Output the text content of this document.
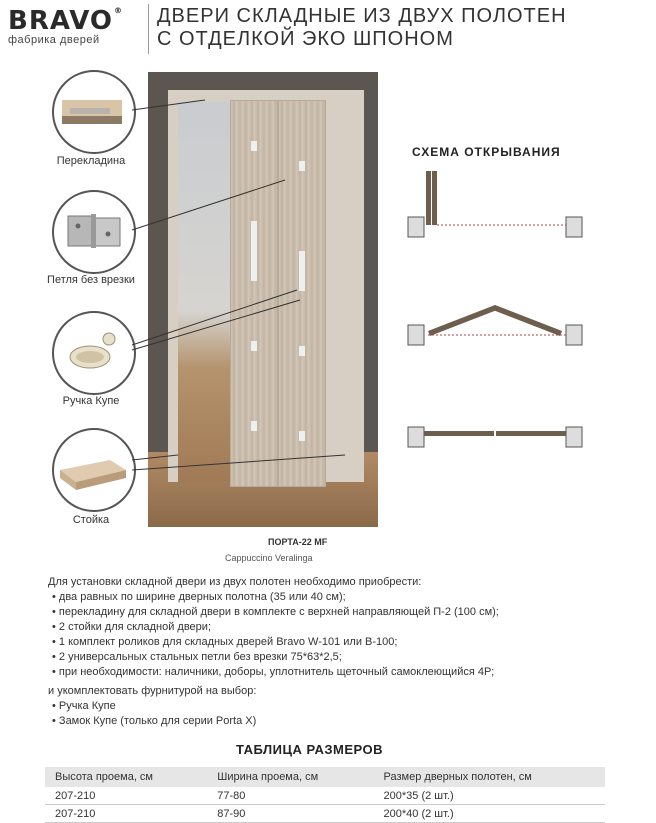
BRAVO®
фабрика дверей
ДВЕРИ СКЛАДНЫЕ ИЗ ДВУХ ПОЛОТЕН
С ОТДЕЛКОЙ ЭКО ШПОНОМ
Перекладина
Петля без врезки
Ручка Купе
Стойка
СХЕМА ОТКРЫВАНИЯ
ПОРТА-22 MF
Cappuccino Veralinga
Для установки складной двери из двух полотен необходимо приобрести:
• два равных по ширине дверных полотна (35 или 40 см);
• перекладину для складной двери в комплекте с верхней направляющей П-2 (100 см);
• 2 стойки для складной двери;
• 1 комплект роликов для складных дверей Bravo W-101 или B-100;
• 2 универсальных стальных петли без врезки 75*63*2,5;
• при необходимости: наличники, доборы, уплотнитель щеточный самоклеющийся 4Р;
и укомплектовать фурнитурой на выбор:
• Ручка Купе
• Замок Купе (только для серии Porta X)
ТАБЛИЦА РАЗМЕРОВ
Высота проема, см	Ширина проема, см	Размер дверных полотен, см
207-210	77-80	200*35 (2 шт.)
207-210	87-90	200*40 (2 шт.)
